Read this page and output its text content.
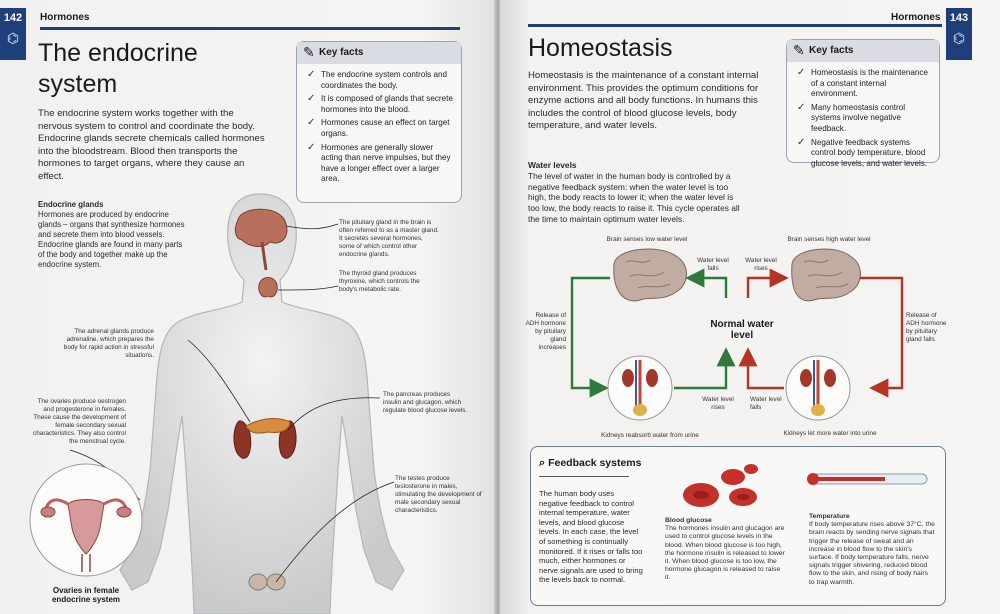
142
⌬
Hormones
The endocrine system

The endocrine system works together with the nervous system to control and coordinate the body. Endocrine glands secrete chemicals called hormones into the bloodstream. Blood then transports the hormones to target organs, where they cause an effect.

✎ Key facts
✓ The endocrine system controls and coordinates the body.
✓ It is composed of glands that secrete hormones into the blood.
✓ Hormones cause an effect on target organs.
✓ Hormones are generally slower acting than nerve impulses, but they have a longer effect over a larger area.
Endocrine glands
Hormones are produced by endocrine glands – organs that synthesize hormones and secrete them into blood vessels. Endocrine glands are found in many parts of the body and together make up the endocrine system.
The pituitary gland in the brain is often referred to as a master gland. It secretes several hormones, some of which control other endocrine glands.
The thyroid gland produces thyroxine, which controls the body's metabolic rate.
The adrenal glands produce adrenaline, which prepares the body for rapid action in stressful situations.
The pancreas produces insulin and glucagon, which regulate blood glucose levels.
The ovaries produce oestrogen and progesterone in females. These cause the development of female secondary sexual characteristics. They also control the menstrual cycle.
The testes produce testosterone in males, stimulating the development of male secondary sexual characteristics.
Ovaries in female endocrine system
Hormones 143
⌬
Homeostasis

Homeostasis is the maintenance of a constant internal environment. This provides the optimum conditions for enzyme actions and all body functions. In humans this includes the control of blood glucose levels, body temperature, and water levels.

✎ Key facts
✓ Homeostasis is the maintenance of a constant internal environment.
✓ Many homeostasis control systems involve negative feedback.
✓ Negative feedback systems control body temperature, blood glucose levels, and water levels.
Water levels
The level of water in the human body is controlled by a negative feedback system: when the water level is too high, the body reacts to lower it; when the water level is too low, the body reacts to raise it. This cycle operates all the time to maintain optimum water levels.
Brain senses low water level	Brain senses high water level
Water level falls
Water level rises
Normal water level
Water level rises
Water level falls
Release of ADH hormone by pituitary gland increases
Release of ADH hormone by pituitary gland falls
Kidneys reabsorb water from urine	Kidneys let more water into urine
⌕ Feedback systems

The human body uses negative feedback to control internal temperature, water levels, and blood glucose levels. In each case, the level of something is continually monitored. If it rises or falls too much, either hormones or nerve signals are used to bring the levels back to normal.

Blood glucose
The hormones insulin and glucagon are used to control glucose levels in the blood. When blood glucose is too high, the hormone insulin is released to lower it. When blood glucose is too low, the hormone glucagon is released to raise it.
Temperature
If body temperature rises above 37°C, the brain reacts by sending nerve signals that trigger the release of sweat and an increase in blood flow to the skin's surface. If body temperature falls, nerve signals trigger shivering, reduced blood flow to the skin, and rising of body hairs to trap warmth.
